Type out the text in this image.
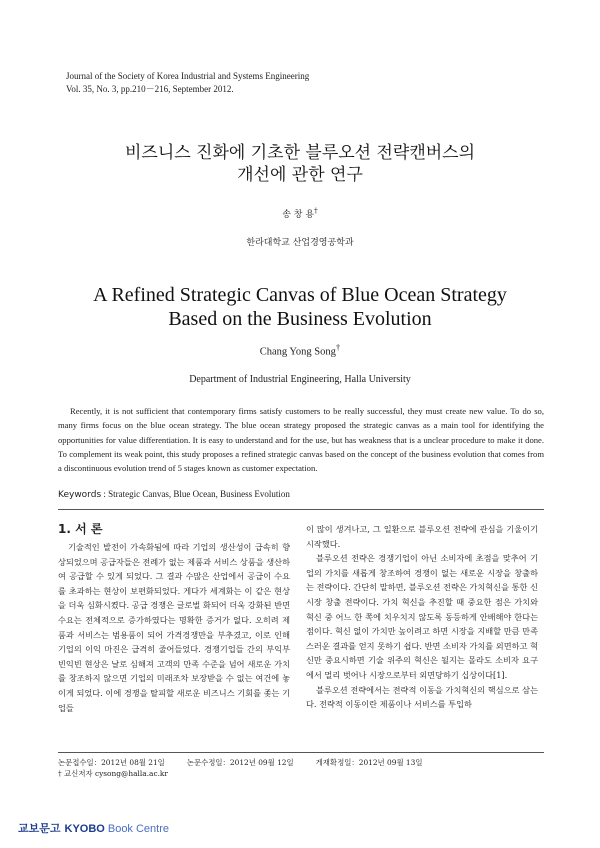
Journal of the Society of Korea Industrial and Systems Engineering
Vol. 35, No. 3, pp.210－216, September 2012.
비즈니스 진화에 기초한 블루오션 전략캔버스의
개선에 관한 연구
송 창 용†
한라대학교 산업경영공학과
A Refined Strategic Canvas of Blue Ocean Strategy
Based on the Business Evolution
Chang Yong Song†
Department of Industrial Engineering, Halla University

Recently, it is not sufficient that contemporary firms satisfy customers to be really successful, they must create new value. To do so, many firms focus on the blue ocean strategy. The blue ocean strategy proposed the strategic canvas as a main tool for identifying the opportunities for value differentiation. It is easy to understand and for the use, but has weakness that is a unclear procedure to make it done. To complement its weak point, this study proposes a refined strategic canvas based on the concept of the business evolution that comes from a discontinuous evolution trend of 5 stages known as customer expectation.

Keywords : Strategic Canvas, Blue Ocean, Business Evolution
1. 서 론

기술적인 발전이 가속화됨에 따라 기업의 생산성이 급속히 향상되었으며 공급자들은 전례가 없는 제품과 서비스 상품을 생산하여 공급할 수 있게 되었다. 그 결과 수많은 산업에서 공급이 수요를 초과하는 현상이 보편화되었다. 게다가 세계화는 이 같은 현상을 더욱 심화시켰다. 공급 경쟁은 글로벌 화되어 더욱 강화된 반면 수요는 전체적으로 증가하였다는 명확한 증거가 없다. 오히려 제품과 서비스는 범용품이 되어 가격경쟁만을 부추겼고, 이로 인해 기업의 이익 마진은 급격히 줄어들었다. 경쟁기업들 간의 부익부 빈익빈 현상은 날로 심해져 고객의 만족 수준을 넘어 새로운 가치를 창조하지 않으면 기업의 미래조차 보장받을 수 없는 여건에 놓이게 되었다. 이에 경쟁을 탈피할 새로운 비즈니스 기회를 좇는 기업들

이 많이 생겨나고, 그 일환으로 블루오션 전략에 관심을 기울이기 시작했다.

블루오션 전략은 경쟁기업이 아닌 소비자에 초점을 맞추어 기업의 가치를 새롭게 창조하여 경쟁이 없는 새로운 시장을 창출하는 전략이다. 간단히 말하면, 블루오션 전략은 가치혁신을 통한 신 시장 창출 전략이다. 가치 혁신을 추진할 때 중요한 점은 가치와 혁신 중 어느 한 쪽에 치우치지 않도록 동등하게 안배해야 한다는 점이다. 혁신 없이 가치만 높이려고 하면 시장을 지배할 만큼 만족스러운 결과를 얻지 못하기 쉽다. 반면 소비자 가치를 외면하고 혁신만 중요시하면 기술 위주의 혁신은 될지는 몰라도 소비자 요구에서 멀리 벗어나 시장으로부터 외면당하기 십상이다[1].

블루오션 전략에서는 전략적 이동을 가치혁신의 핵심으로 삼는다. 전략적 이동이란 제품이나 서비스를 투입하

논문접수일：2012년 08월 21일	논문수정일：2012년 09월 12일	게재확정일：2012년 09월 13일
† 교신저자 cysong@halla.ac.kr
교보문고 KYOBO Book Centre
